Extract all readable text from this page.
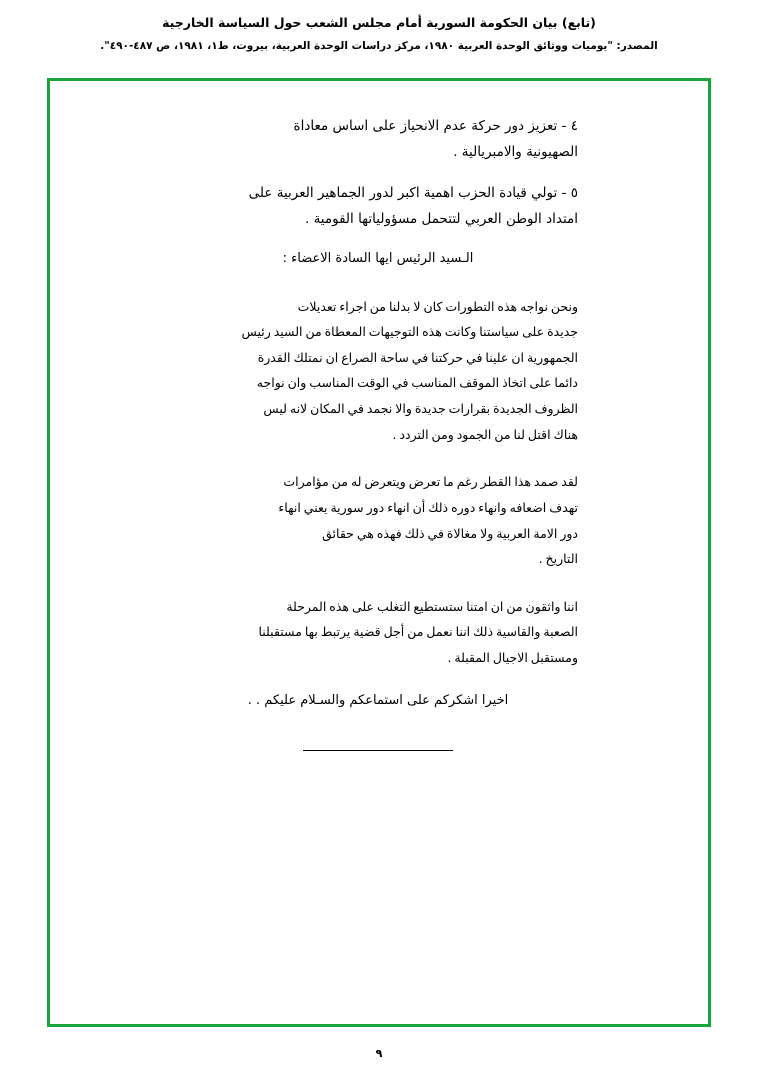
(تابع) بيان الحكومة السورية أمام مجلس الشعب حول السياسة الخارجية
المصدر: "يوميات ووثائق الوحدة العربية ١٩٨٠، مركز دراسات الوحدة العربية، بيروت، ط١، ١٩٨١، ص ٤٨٧-٤٩٠".
٤ - تعزيز دور حركة عدم الانحياز على اساس معاداة
الصهيونية والامبريالية .
٥ - تولي قيادة الحزب اهمية اكبر لدور الجماهير العربية على
امتداد الوطن العربي لتتحمل مسؤولياتها القومية .
الـسيد الرئيس ايها السادة الاعضاء :
ونحن نواجه هذه التطورات كان لا بدلنا من اجراء تعديلات
جديدة على سياستنا وكانت هذه التوجيهات المعطاة من السيد رئيس
الجمهورية ان علينا في حركتنا في ساحة الصراع ان نمتلك القدرة
دائما على اتخاذ الموقف المناسب في الوقت المناسب وان نواجه
الظروف الجديدة بقرارات جديدة والا نجمد في المكان لانه ليس
هناك اقتل لنا من الجمود ومن التردد .
لقد صمد هذا القطر رغم ما تعرض ويتعرض له من مؤامرات
تهدف اضعافه وانهاء دوره ذلك أن انهاء دور سورية يعني انهاء
دور الامة العربية ولا مغالاة في ذلك فهذه هي حقائق
التاريخ .
اننا واثقون من ان امتنا ستستطيع التغلب على هذه المرحلة
الصعبة والقاسية ذلك اننا نعمل من أجل قضية يرتبط بها مستقبلنا
ومستقبل الاجيال المقبلة .
اخيرا اشكركم على استماعكم والسـلام عليكم . .
٩
